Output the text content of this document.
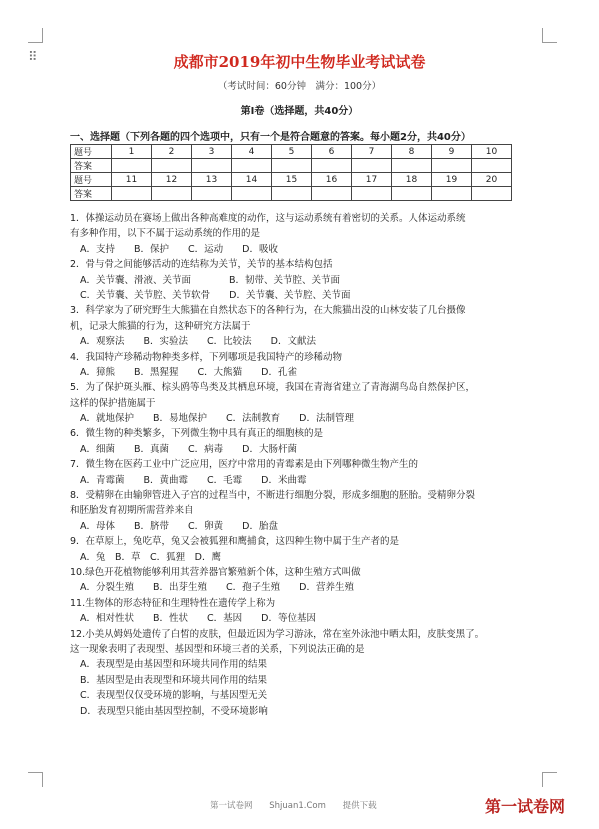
⠿	成都市2019年初中生物毕业考试试卷
（考试时间：60分钟　满分：100分）
第Ⅰ卷（选择题，共40分）
一、选择题（下列各题的四个选项中，只有一个是符合题意的答案。每小题2分，共40分）
题号	1	2	3	4	5	6	7	8	9	10
答案										
题号	11	12	13	14	15	16	17	18	19	20
答案										
1．体操运动员在赛场上做出各种高难度的动作，这与运动系统有着密切的关系。人体运动系统
有多种作用，以下不属于运动系统的作用的是
A．支持　　B．保护　　C．运动　　D．吸收
2．骨与骨之间能够活动的连结称为关节，关节的基本结构包括
A．关节囊、滑液、关节面　　　　B．韧带、关节腔、关节面
C．关节囊、关节腔、关节软骨　　D．关节囊、关节腔、关节面
3．科学家为了研究野生大熊猫在自然状态下的各种行为，在大熊猫出没的山林安装了几台摄像
机，记录大熊猫的行为，这种研究方法属于
A．观察法　　B．实验法　　C．比较法　　D．文献法
4．我国特产珍稀动物种类多样，下列哪项是我国特产的珍稀动物
A．獐熊　　B．黑猩猩　　C．大熊猫　　D．孔雀
5．为了保护斑头雁、棕头鸥等鸟类及其栖息环境，我国在青海省建立了青海湖鸟岛自然保护区，
这样的保护措施属于
A．就地保护　　B．易地保护　　C．法制教育　　D．法制管理
6．微生物的种类繁多，下列微生物中具有真正的细胞核的是
A．细菌　　B．真菌　　C．病毒　　D．大肠杆菌
7．微生物在医药工业中广泛应用，医疗中常用的青霉素是由下列哪种微生物产生的
A．青霉菌　　B．黄曲霉　　C．毛霉　　D．米曲霉
8．受精卵在由输卵管进入子宫的过程当中，不断进行细胞分裂，形成多细胞的胚胎。受精卵分裂
和胚胎发育初期所需营养来自
A．母体　　B．脐带　　C．卵黄　　D．胎盘
9．在草原上，兔吃草，兔又会被狐狸和鹰捕食，这四种生物中属于生产者的是
A．兔　B．草　C．狐狸　D．鹰
10.绿色开花植物能够利用其营养器官繁殖新个体，这种生殖方式叫做
A．分裂生殖　　B．出芽生殖　　C．孢子生殖　　D．营养生殖
11.生物体的形态特征和生理特性在遗传学上称为
A．相对性状　　B．性状　　C．基因　　D．等位基因
12.小美从姆妈处遗传了白皙的皮肤，但最近因为学习游泳，常在室外泳池中晒太阳，皮肤变黑了。
这一现象表明了表现型、基因型和环境三者的关系，下列说法正确的是
A．表现型是由基因型和环境共同作用的结果
B．基因型是由表现型和环境共同作用的结果
C．表现型仅仅受环境的影响，与基因型无关
D．表现型只能由基因型控制，不受环境影响
第一试卷网 Shjuan1.Com 提供下载	第一试卷网
